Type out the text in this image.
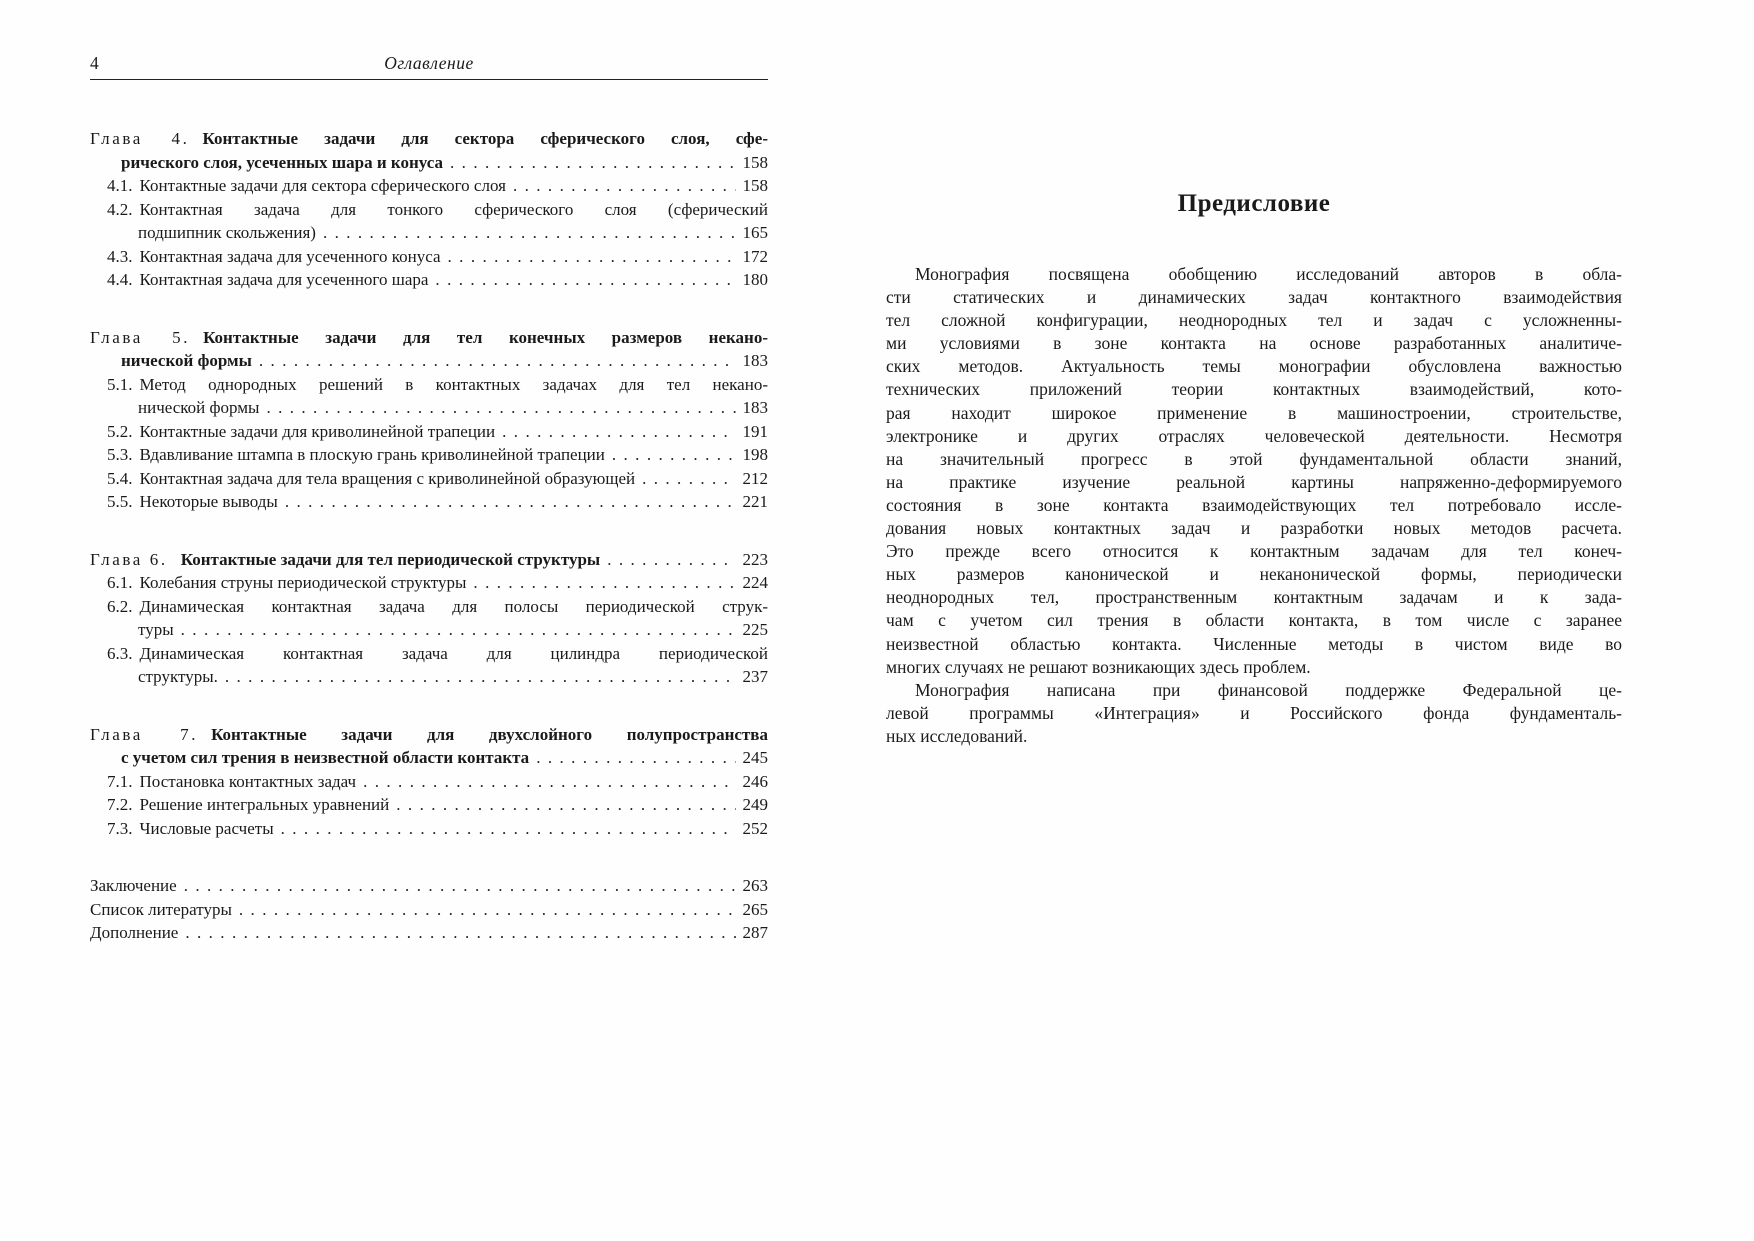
4	Оглавление
Глава 4. Контактные задачи для сектора сферического слоя, сфе-
рического слоя, усеченных шара и конуса .....	158
4.1. Контактные задачи для сектора сферического слоя .....	158
4.2. Контактная задача для тонкого сферического слоя (сферический
подшипник скольжения) .....	165
4.3. Контактная задача для усеченного конуса .....	172
4.4. Контактная задача для усеченного шара .....	180
Глава 5. Контактные задачи для тел конечных размеров некано-
нической формы .....	183
5.1. Метод однородных решений в контактных задачах для тел некано-
нической формы .....	183
5.2. Контактные задачи для криволинейной трапеции .....	191
5.3. Вдавливание штампа в плоскую грань криволинейной трапеции .....	198
5.4. Контактная задача для тела вращения с криволинейной образующей .....	212
5.5. Некоторые выводы .....	221
Глава 6. Контактные задачи для тел периодической структуры .....	223
6.1. Колебания струны периодической структуры .....	224
6.2. Динамическая контактная задача для полосы периодической струк-
туры .....	225
6.3. Динамическая контактная задача для цилиндра периодической
структуры. .....	237
Глава 7. Контактные задачи для двухслойного полупространства
с учетом сил трения в неизвестной области контакта .....	245
7.1. Постановка контактных задач .....	246
7.2. Решение интегральных уравнений .....	249
7.3. Числовые расчеты .....	252
Заключение .....	263
Список литературы .....	265
Дополнение .....	287
Предисловие
Монография посвящена обобщению исследований авторов в обла-
сти статических и динамических задач контактного взаимодействия
тел сложной конфигурации, неоднородных тел и задач с усложненны-
ми условиями в зоне контакта на основе разработанных аналитиче-
ских методов. Актуальность темы монографии обусловлена важностью
технических приложений теории контактных взаимодействий, кото-
рая находит широкое применение в машиностроении, строительстве,
электронике и других отраслях человеческой деятельности. Несмотря
на значительный прогресс в этой фундаментальной области знаний,
на практике изучение реальной картины напряженно-деформируемого
состояния в зоне контакта взаимодействующих тел потребовало иссле-
дования новых контактных задач и разработки новых методов расчета.
Это прежде всего относится к контактным задачам для тел конеч-
ных размеров канонической и неканонической формы, периодически
неоднородных тел, пространственным контактным задачам и к зада-
чам с учетом сил трения в области контакта, в том числе с заранее
неизвестной областью контакта. Численные методы в чистом виде во
многих случаях не решают возникающих здесь проблем.
Монография написана при финансовой поддержке Федеральной це-
левой программы «Интеграция» и Российского фонда фундаменталь-
ных исследований.
